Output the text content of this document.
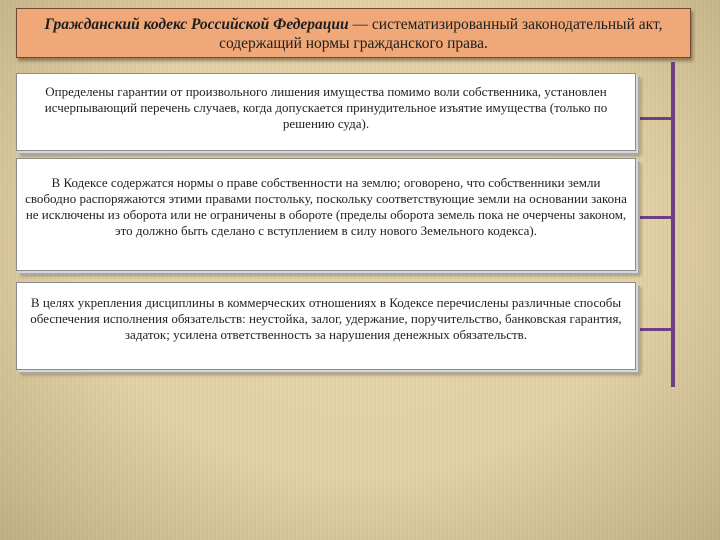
Гражданский кодекс Российской Федерации — систематизированный законодательный акт, содержащий нормы гражданского права.
Определены гарантии от произвольного лишения имущества помимо воли собственника, установлен исчерпывающий перечень случаев, когда допускается принудительное изъятие имущества (только по решению суда).
В Кодексе содержатся нормы о праве собственности на землю; оговорено, что собственники земли свободно распоряжаются этими правами постольку, поскольку соответствующие земли на основании закона не исключены из оборота или не ограничены в обороте (пределы оборота земель пока не очерчены законом, это должно быть сделано с вступлением в силу нового Земельного кодекса).
В целях укрепления дисциплины в коммерческих отношениях в Кодексе перечислены различные способы обеспечения исполнения обязательств: неустойка, залог, удержание, поручительство, банковская гарантия, задаток; усилена ответственность за нарушения денежных обязательств.
